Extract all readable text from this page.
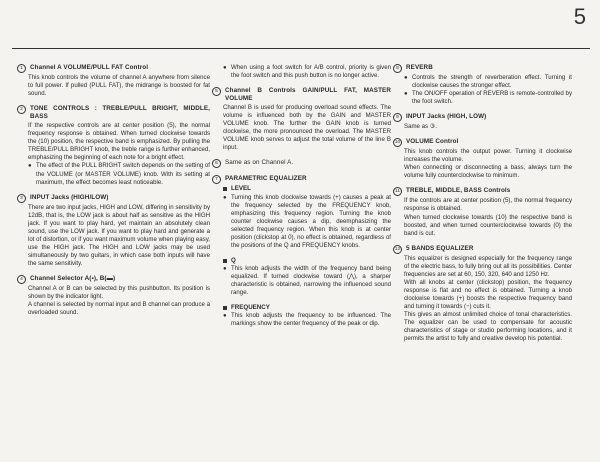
5
1	Channel A VOLUME/PULL FAT Control

This knob controls the volume of channel A anywhere from silence to full power. If pulled (PULL FAT), the midrange is boosted for fat sound.

2	TONE CONTROLS : TREBLE/PULL BRIGHT, MIDDLE, BASS

If the respective controls are at center position (5), the normal frequency response is obtained. When turned clockwise towards the (10) position, the respective band is emphasized. By pulling the TREBLE/PULL BRIGHT knob, the treble range is further enhanced, emphasizing the beginning of each note for a bright effect.

● The effect of the PULL BRIGHT switch depends on the setting of the VOLUME (or MASTER VOLUME) knob. With its setting at maximum, the effect becomes least noticeable.
3	INPUT Jacks (HIGH/LOW)

There are two input jacks, HIGH and LOW, differing in sensitivity by 12dB, that is, the LOW jack is about half as sensitive as the HIGH jack. If you want to play hard, yet maintain an absolutely clean sound, use the LOW jack. If you want to play hard and generate a lot of distortion, or if you want maximum volume when playing easy, use the HIGH jack. The HIGH and LOW jacks may be used simultaneously by two guitars, in which case both inputs will have the same sensitivity.

4	Channel Selector A(▪), B(▬)

Channel A or B can be selected by this pushbutton. Its position is shown by the indicator light.

A channel is selected by normal input and B channel can produce a overloaded sound.

● When using a foot switch for A/B control, priority is given the foot switch and this push button is no longer active.
5	Channel B Controls GAIN/PULL FAT, MASTER VOLUME

Channel B is used for producing overload sound effects. The volume is influenced both by the GAIN and MASTER VOLUME knob. The further the GAIN knob is turned clockwise, the more pronounced the overload. The MASTER VOLUME knob serves to adjust the total volume of the line B input.

6	Same as on Channel A.
7	PARAMETRIC EQUALIZER
LEVEL
● Turning this knob clockwise towards (+) causes a peak at the frequency selected by the FREQUENCY knob, emphasizing this frequency region. Turning the knob counter clockwise causes a dip, deemphasizing the selected frequency region. When this knob is at center position (clickstop at 0), no effect is obtained, regardless of the positions of the Q and FREQUENCY knobs.
Q
● This knob adjusts the width of the frequency band being equalized. If turned clockwise toward (⋀), a sharper characteristic is obtained, narrowing the influenced sound range.
FREQUENCY
● This knob adjusts the frequency to be influenced. The markings show the center frequency of the peak or dip.
8	REVERB
● Controls the strength of reverberation effect. Turning it clockwise causes the stronger effect.
● The ON/OFF operation of REVERB is remote-controlled by the foot switch.
9	INPUT Jacks (HIGH, LOW)

Same as ③.

10 VOLUME Control

This knob controls the output power. Turning it clockwise increases the volume.

When connecting or disconnecting a bass, always turn the volume fully counterclockwise to minimum.

11 TREBLE, MIDDLE, BASS Controls

If the controls are at center position (5), the normal frequency response is obtained.

When turned clockwise towards (10) the respective band is boosted, and when turned counterclockwise towards (0) the band is cut.

12 5 BANDS EQUALIZER

This equalizer is designed especially for the frequency range of the electric bass, to fully bring out all its possibilities. Center frequencies are set at 60, 150, 320, 640 and 1250 Hz.

With all knobs at center (clickstop) position, the frequency response is flat and no effect is obtained. Turning a knob clockwise towards (+) boosts the respective frequency band and turning it towards (−) cuts it.

This gives an almost unlimited choice of tonal characteristics. The equalizer can be used to compensate for acoustic characteristics of stage or studio performing locations, and it permits the artist to fully and creative develop his potential.
